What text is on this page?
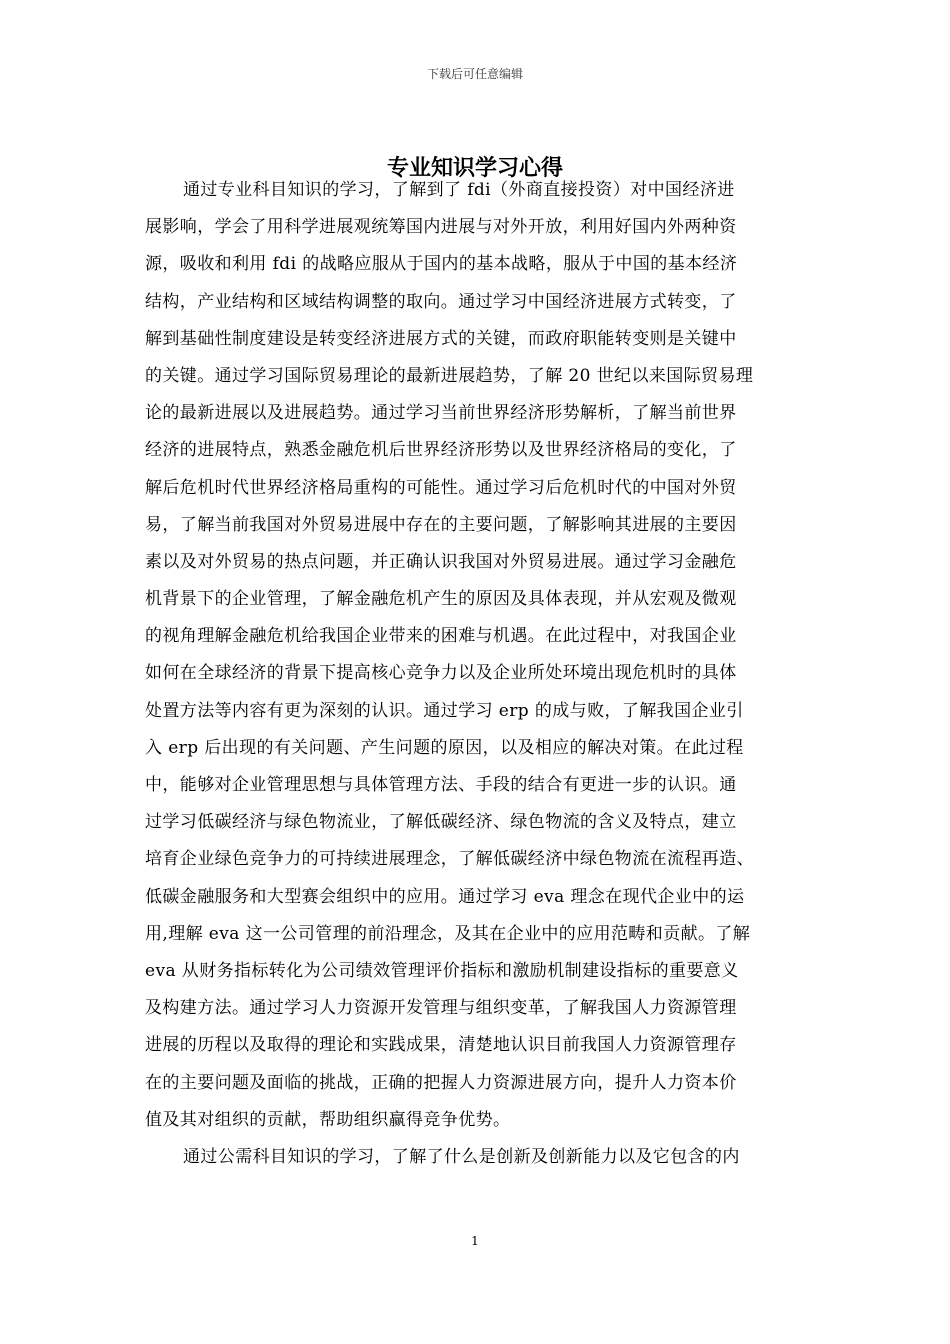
下载后可任意编辑
专业知识学习心得

通过专业科目知识的学习，了解到了 fdi（外商直接投资）对中国经济进
展影响，学会了用科学进展观统筹国内进展与对外开放，利用好国内外两种资
源，吸收和利用 fdi 的战略应服从于国内的基本战略，服从于中国的基本经济
结构，产业结构和区域结构调整的取向。通过学习中国经济进展方式转变，了
解到基础性制度建设是转变经济进展方式的关键，而政府职能转变则是关键中
的关键。通过学习国际贸易理论的最新进展趋势，了解 20 世纪以来国际贸易理
论的最新进展以及进展趋势。通过学习当前世界经济形势解析，了解当前世界
经济的进展特点，熟悉金融危机后世界经济形势以及世界经济格局的变化，了
解后危机时代世界经济格局重构的可能性。通过学习后危机时代的中国对外贸
易，了解当前我国对外贸易进展中存在的主要问题，了解影响其进展的主要因
素以及对外贸易的热点问题，并正确认识我国对外贸易进展。通过学习金融危
机背景下的企业管理，了解金融危机产生的原因及具体表现，并从宏观及微观
的视角理解金融危机给我国企业带来的困难与机遇。在此过程中，对我国企业
如何在全球经济的背景下提高核心竞争力以及企业所处环境出现危机时的具体
处置方法等内容有更为深刻的认识。通过学习 erp 的成与败，了解我国企业引
入 erp 后出现的有关问题、产生问题的原因，以及相应的解决对策。在此过程
中，能够对企业管理思想与具体管理方法、手段的结合有更进一步的认识。通
过学习低碳经济与绿色物流业，了解低碳经济、绿色物流的含义及特点，建立
培育企业绿色竞争力的可持续进展理念，了解低碳经济中绿色物流在流程再造、
低碳金融服务和大型赛会组织中的应用。通过学习 eva 理念在现代企业中的运
用,理解 eva 这一公司管理的前沿理念，及其在企业中的应用范畴和贡献。了解
eva 从财务指标转化为公司绩效管理评价指标和激励机制建设指标的重要意义
及构建方法。通过学习人力资源开发管理与组织变革，了解我国人力资源管理
进展的历程以及取得的理论和实践成果，清楚地认识目前我国人力资源管理存
在的主要问题及面临的挑战，正确的把握人力资源进展方向，提升人力资本价
值及其对组织的贡献，帮助组织赢得竞争优势。

通过公需科目知识的学习，了解了什么是创新及创新能力以及它包含的内

1
